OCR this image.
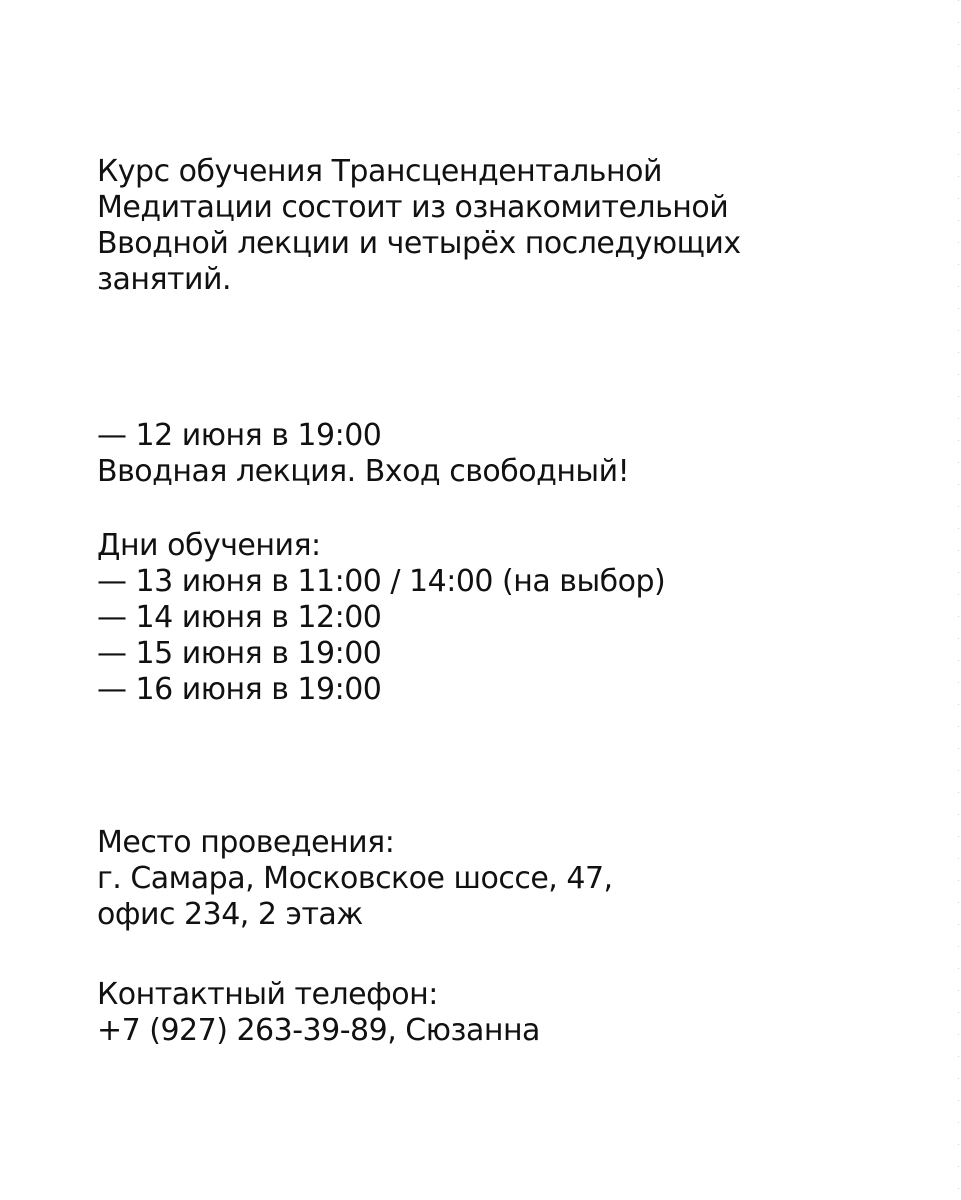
Курс обучения Трансцендентальной
Медитации состоит из ознакомительной
Вводной лекции и четырёх последующих
занятий.
— 12 июня в 19:00
Вводная лекция. Вход свободный!
Дни обучения:
— 13 июня в 11:00 / 14:00 (на выбор)
— 14 июня в 12:00
— 15 июня в 19:00
— 16 июня в 19:00
Место проведения:
г. Самара, Московское шоссе, 47,
офис 234, 2 этаж
Контактный телефон:
+7 (927) 263-39-89, Сюзанна
